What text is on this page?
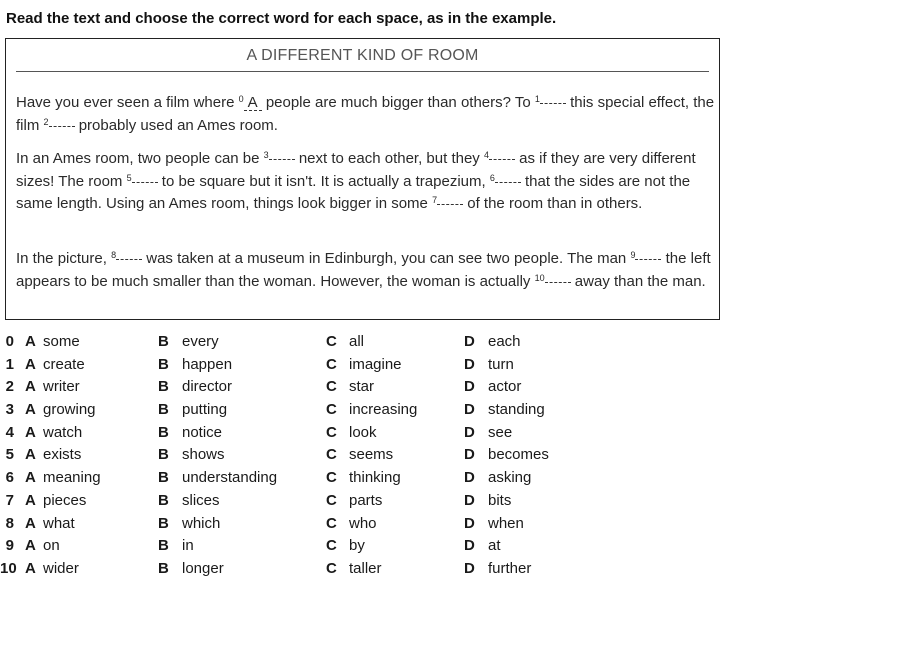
Read the text and choose the correct word for each space, as in the example.
A DIFFERENT KIND OF ROOM

Have you ever seen a film where $^0$ A people are much bigger than others? To $^1$ this special effect, the film $^2$ probably used an Ames room.

In an Ames room, two people can be $^3$ next to each other, but they $^4$ as if they are very different sizes! The room $^5$ to be square but it isn't. It is actually a trapezium, $^6$ that the sides are not the same length. Using an Ames room, things look bigger in some $^7$ of the room than in others.

In the picture, $^8$ was taken at a museum in Edinburgh, you can see two people. The man $^9$ the left appears to be much smaller than the woman. However, the woman is actually $^{10}$ away than the man.

0 A some	B every	C all	D each
1 A create	B happen	C imagine	D turn
2 A writer	B director	C star	D actor
3 A growing	B putting	C increasing	D standing
4 A watch	B notice	C look	D see
5 A exists	B shows	C seems	D becomes
6 A meaning	B understanding	C thinking	D asking
7 A pieces	B slices	C parts	D bits
8 A what	B which	C who	D when
9 A on	B in	C by	D at
10 A wider	B longer	C taller	D further
